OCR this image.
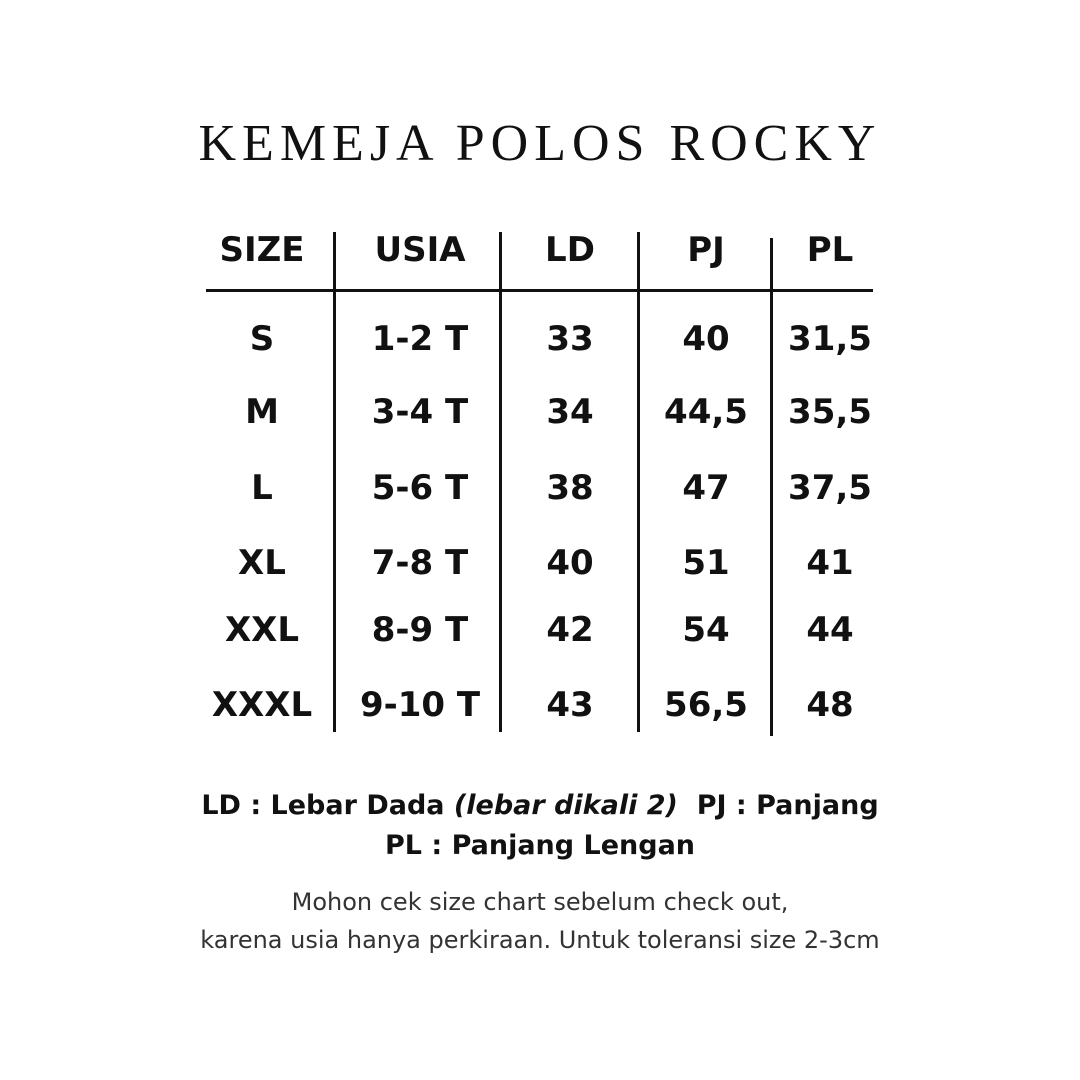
KEMEJA POLOS ROCKY
SIZE USIA LD	PJ PL
S	1-2 T 33	40 31,5
M	3-4 T 34 44,5 35,5
L	5-6 T 38	47 37,5
XL	7-8 T 40	51 41
XXL 8-9 T 42	54 44
XXXL 9-10 T 43 56,5 48
LD : Lebar Dada (lebar dikali 2) PJ : Panjang
PL : Panjang Lengan
Mohon cek size chart sebelum check out,
karena usia hanya perkiraan. Untuk toleransi size 2-3cm
